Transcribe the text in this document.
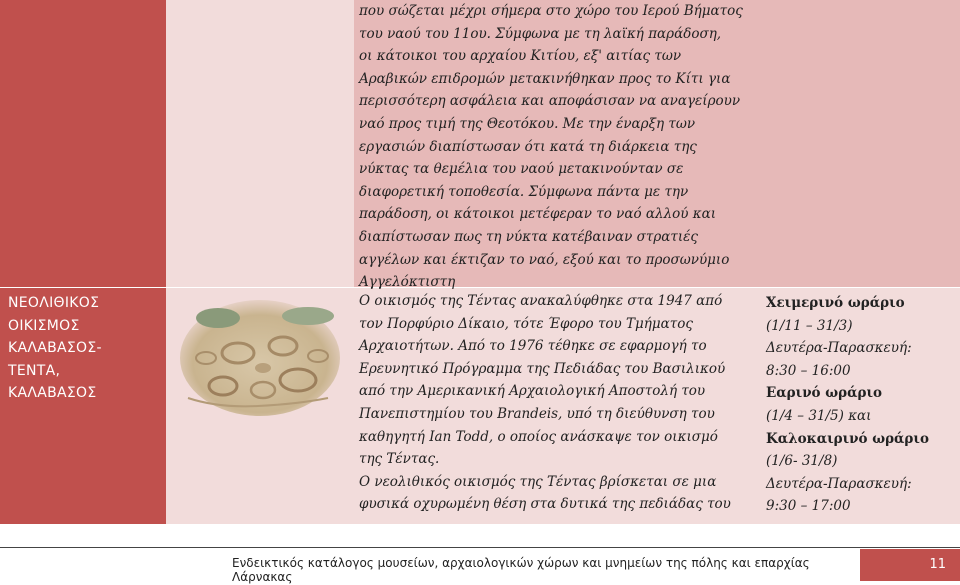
που σώζεται μέχρι σήμερα στο χώρο του Ιερού Βήματος

του ναού του 11ου. Σύμφωνα με τη λαϊκή παράδοση,

οι κάτοικοι του αρχαίου Κιτίου, εξ' αιτίας των

Αραβικών επιδρομών μετακινήθηκαν προς το Κίτι για

περισσότερη ασφάλεια και αποφάσισαν να αναγείρουν

ναό προς τιμή της Θεοτόκου. Με την έναρξη των

εργασιών διαπίστωσαν ότι κατά τη διάρκεια της

νύκτας τα θεμέλια του ναού μετακινούνταν σε

διαφορετική τοποθεσία. Σύμφωνα πάντα με την

παράδοση, οι κάτοικοι μετέφεραν το ναό αλλού και

διαπίστωσαν πως τη νύκτα κατέβαιναν στρατιές

αγγέλων και έκτιζαν το ναό, εξού και το προσωνύμιο

Αγγελόκτιστη

ΝΕΟΛΙΘΙΚΟΣ
ΟΙΚΙΣΜΟΣ
ΚΑΛΑΒΑΣΟΣ-
ΤΕΝΤΑ,
ΚΑΛΑΒΑΣΟΣ

Ο οικισμός της Τέντας ανακαλύφθηκε στα 1947 από

τον Πορφύριο Δίκαιο, τότε Έφορο του Τμήματος

Αρχαιοτήτων. Από το 1976 τέθηκε σε εφαρμογή το

Ερευνητικό Πρόγραμμα της Πεδιάδας του Βασιλικού

από την Αμερικανική Αρχαιολογική Αποστολή του

Πανεπιστημίου του Brandeis, υπό τη διεύθυνση του

καθηγητή Ian Todd, ο οποίος ανάσκαψε τον οικισμό

της Τέντας.

Ο νεολιθικός οικισμός της Τέντας βρίσκεται σε μια

φυσικά οχυρωμένη θέση στα δυτικά της πεδιάδας του

Χειμερινό ωράριο
(1/11 – 31/3)
Δευτέρα-Παρασκευή:
8:30 – 16:00
Εαρινό ωράριο
(1/4 – 31/5) και
Καλοκαιρινό ωράριο
(1/6- 31/8)
Δευτέρα-Παρασκευή:
9:30 – 17:00
Ενδεικτικός κατάλογος μουσείων, αρχαιολογικών χώρων και μνημείων της πόλης και επαρχίας Λάρνακας
11
